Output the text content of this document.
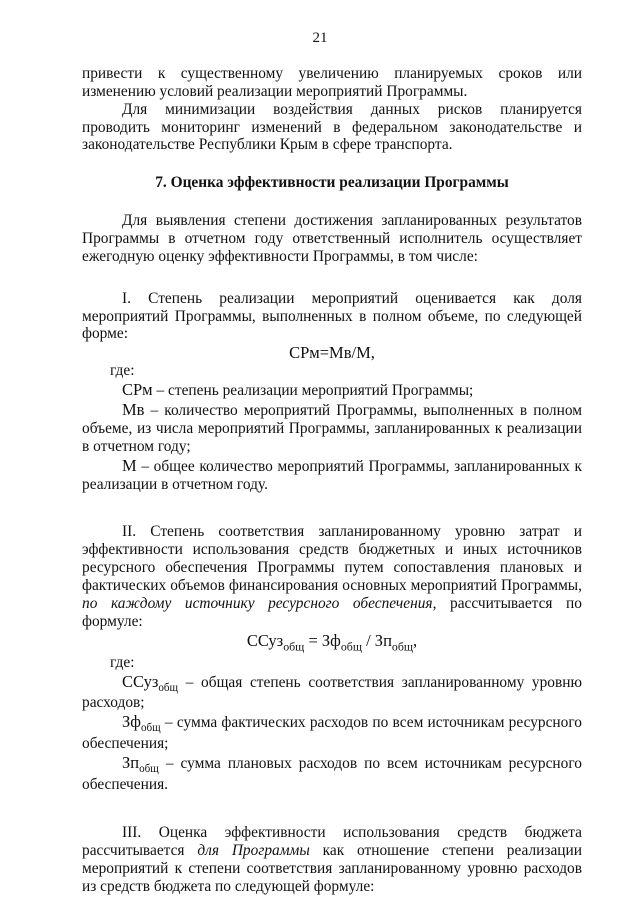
21

привести к существенному увеличению планируемых сроков или изменению условий реализации мероприятий Программы.

Для минимизации воздействия данных рисков планируется проводить мониторинг изменений в федеральном законодательстве и законодательстве Республики Крым в сфере транспорта.

7. Оценка эффективности реализации Программы

Для выявления степени достижения запланированных результатов Программы в отчетном году ответственный исполнитель осуществляет ежегодную оценку эффективности Программы, в том числе:

I. Степень реализации мероприятий оценивается как доля мероприятий Программы, выполненных в полном объеме, по следующей форме:

СРм=Мв/М,

где:

СРм – степень реализации мероприятий Программы;

Мв – количество мероприятий Программы, выполненных в полном объеме, из числа мероприятий Программы, запланированных к реализации в отчетном году;

М – общее количество мероприятий Программы, запланированных к реализации в отчетном году.

II. Степень соответствия запланированному уровню затрат и эффективности использования средств бюджетных и иных источников ресурсного обеспечения Программы путем сопоставления плановых и фактических объемов финансирования основных мероприятий Программы, по каждому источнику ресурсного обеспечения, рассчитывается по формуле:

ССуз$_{общ}$ = $Зф_{общ} / Зп_{общ}$,

где:

ССуз$_{общ}$ – общая степень соответствия запланированному уровню расходов;

$Зф_{общ}$ – сумма фактических расходов по всем источникам ресурсного обеспечения;

$Зп_{общ}$ – сумма плановых расходов по всем источникам ресурсного обеспечения.

III. Оценка эффективности использования средств бюджета рассчитывается для Программы как отношение степени реализации мероприятий к степени соответствия запланированному уровню расходов из средств бюджета по следующей формуле:
